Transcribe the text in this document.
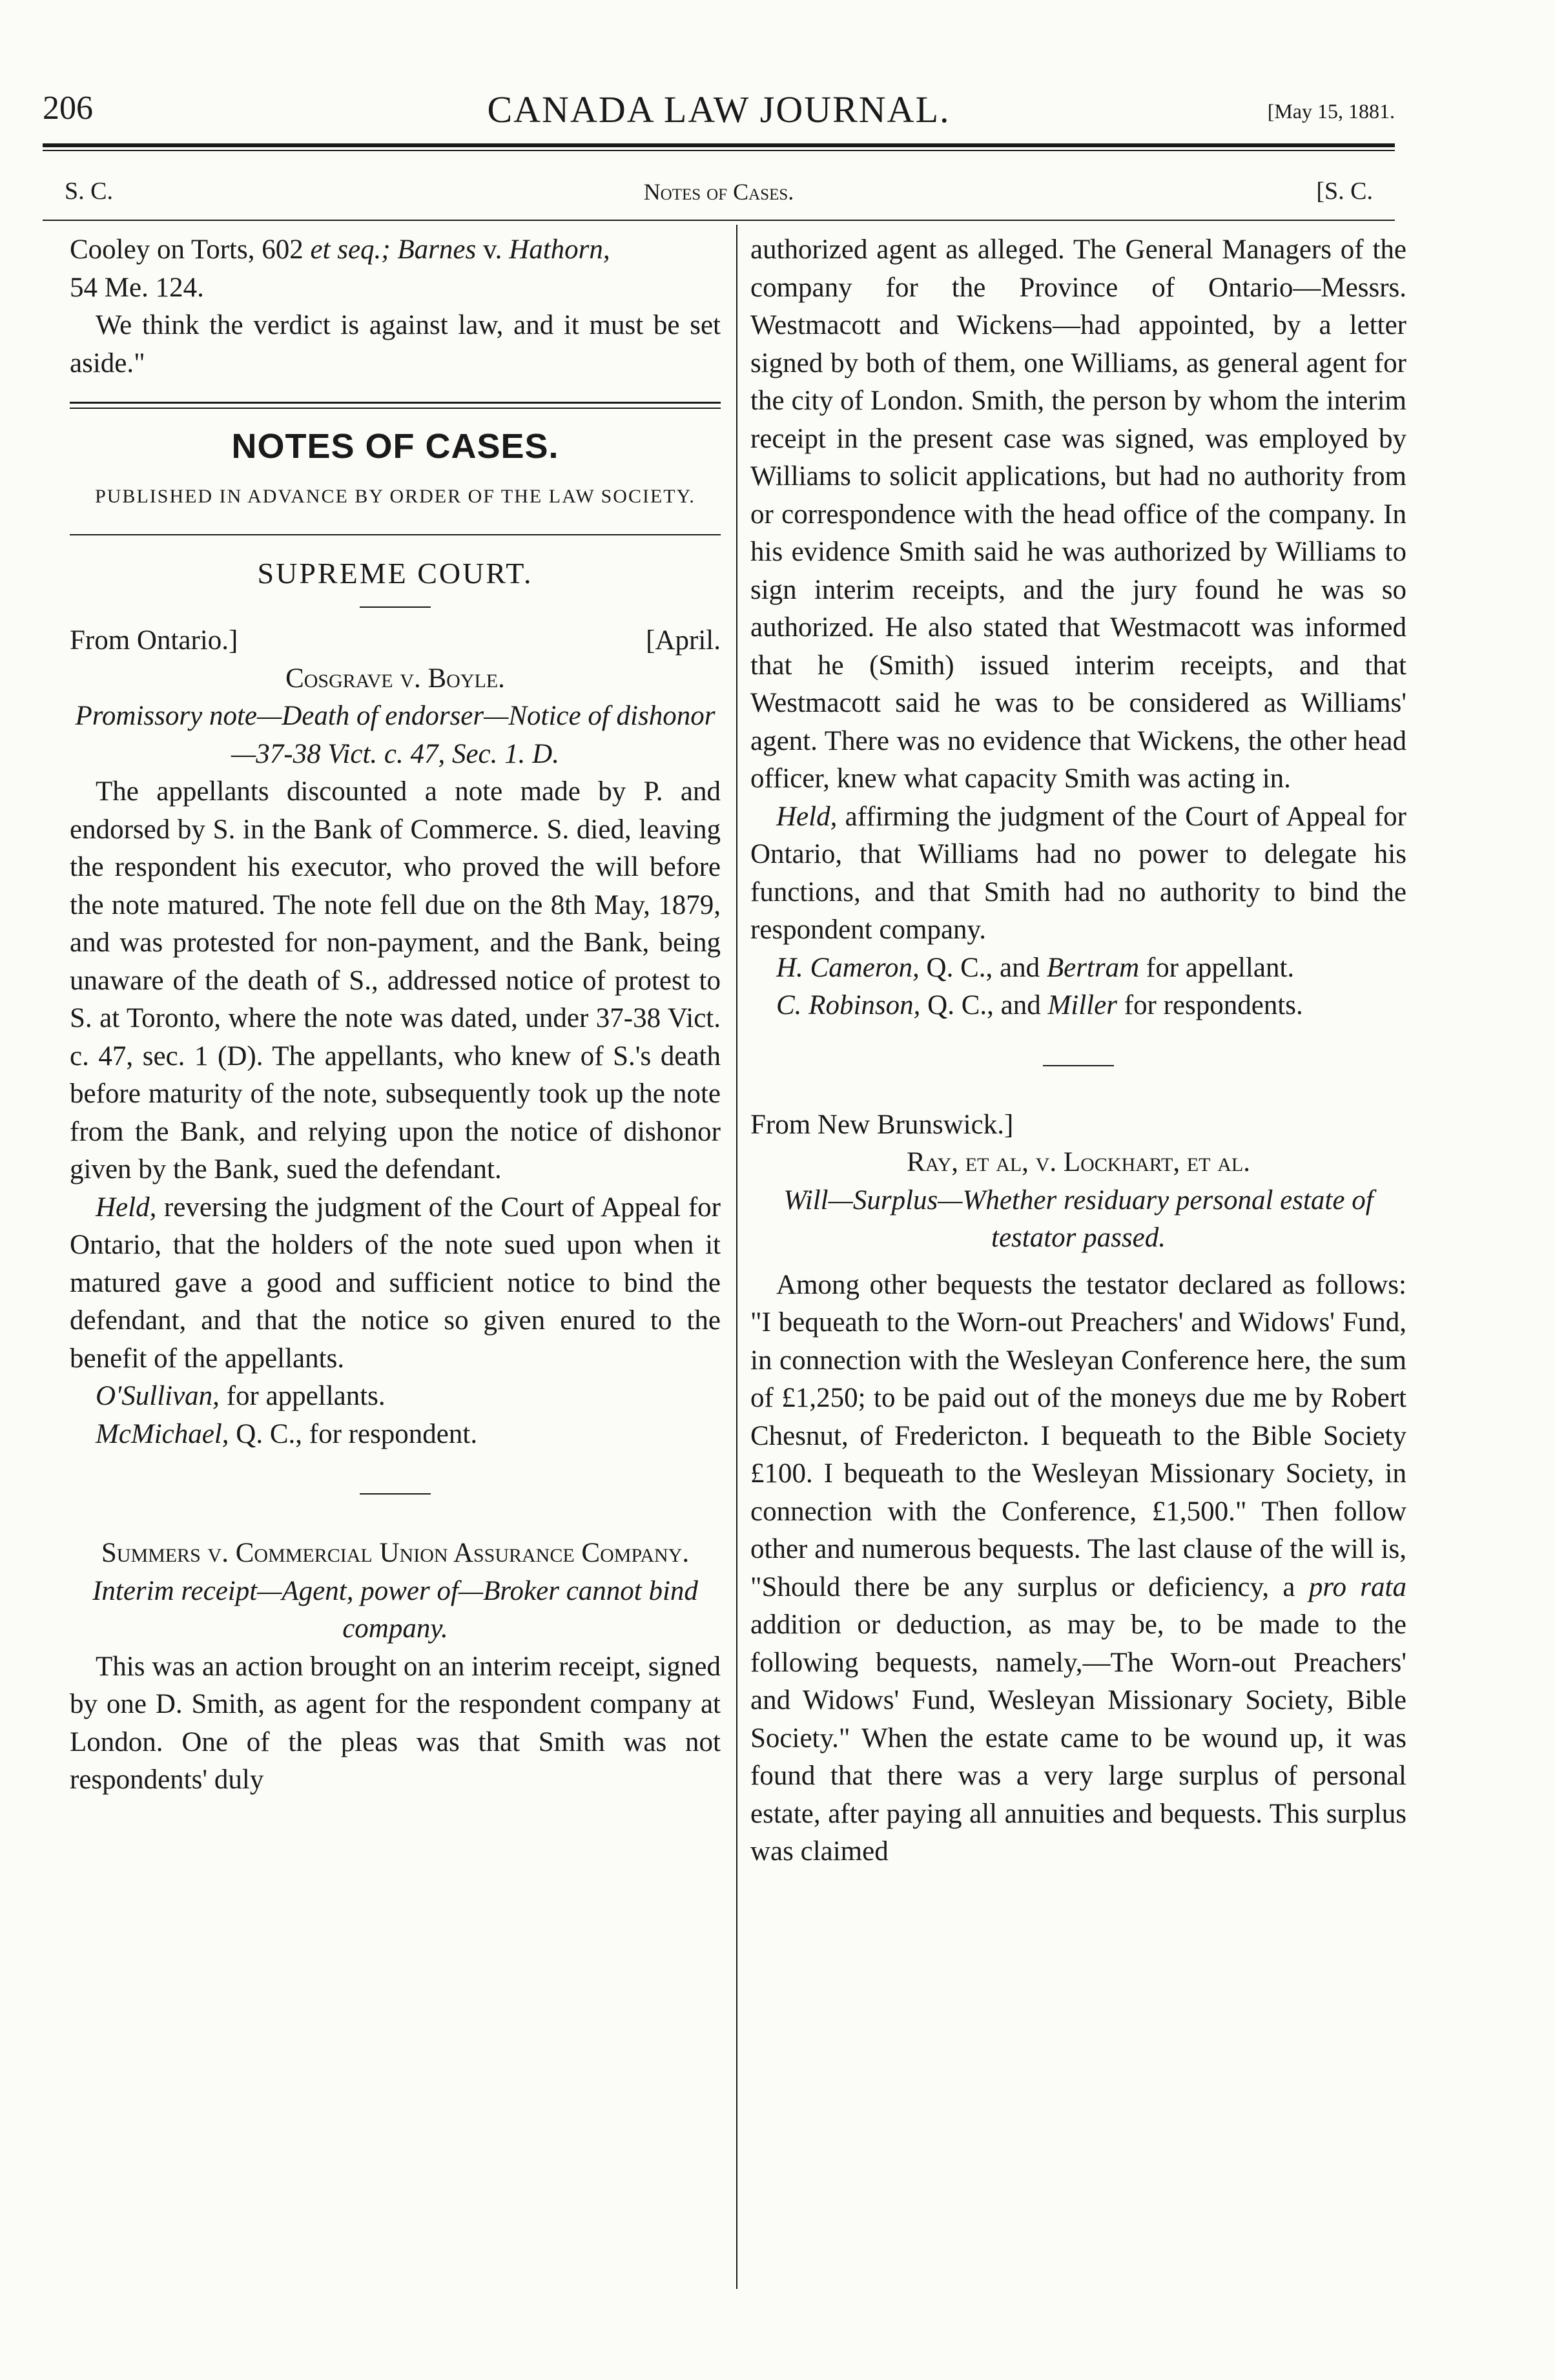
206	CANADA LAW JOURNAL.	[May 15, 1881.
S. C.	Notes of Cases.	[S. C.

Cooley on Torts, 602 et seq.; Barnes v. Hathorn,

54 Me. 124.

We think the verdict is against law, and it must be set aside."

NOTES OF CASES.
PUBLISHED IN ADVANCE BY ORDER OF THE LAW SOCIETY.
SUPREME COURT.
From Ontario.]	[April.
Cosgrave v. Boyle.
Promissory note—Death of endorser—Notice of dishonor—37-38 Vict. c. 47, Sec. 1. D.

The appellants discounted a note made by P. and endorsed by S. in the Bank of Commerce. S. died, leaving the respondent his executor, who proved the will before the note matured. The note fell due on the 8th May, 1879, and was protested for non-payment, and the Bank, being unaware of the death of S., addressed notice of protest to S. at Toronto, where the note was dated, under 37-38 Vict. c. 47, sec. 1 (D). The appellants, who knew of S.'s death before maturity of the note, subsequently took up the note from the Bank, and relying upon the notice of dishonor given by the Bank, sued the defendant.

Held, reversing the judgment of the Court of Appeal for Ontario, that the holders of the note sued upon when it matured gave a good and sufficient notice to bind the defendant, and that the notice so given enured to the benefit of the appellants.

O'Sullivan, for appellants.

McMichael, Q. C., for respondent.

Summers v. Commercial Union Assurance Company.
Interim receipt—Agent, power of—Broker cannot bind company.

This was an action brought on an interim receipt, signed by one D. Smith, as agent for the respondent company at London. One of the pleas was that Smith was not respondents' duly

authorized agent as alleged. The General Managers of the company for the Province of Ontario—Messrs. Westmacott and Wickens—had appointed, by a letter signed by both of them, one Williams, as general agent for the city of London. Smith, the person by whom the interim receipt in the present case was signed, was employed by Williams to solicit applications, but had no authority from or correspondence with the head office of the company. In his evidence Smith said he was authorized by Williams to sign interim receipts, and the jury found he was so authorized. He also stated that Westmacott was informed that he (Smith) issued interim receipts, and that Westmacott said he was to be considered as Williams' agent. There was no evidence that Wickens, the other head officer, knew what capacity Smith was acting in.

Held, affirming the judgment of the Court of Appeal for Ontario, that Williams had no power to delegate his functions, and that Smith had no authority to bind the respondent company.

H. Cameron, Q. C., and Bertram for appellant.

C. Robinson, Q. C., and Miller for respondents.

From New Brunswick.]

Ray, et al, v. Lockhart, et al.
Will—Surplus—Whether residuary personal estate of testator passed.

Among other bequests the testator declared as follows: "I bequeath to the Worn-out Preachers' and Widows' Fund, in connection with the Wesleyan Conference here, the sum of £1,250; to be paid out of the moneys due me by Robert Chesnut, of Fredericton. I bequeath to the Bible Society £100. I bequeath to the Wesleyan Missionary Society, in connection with the Conference, £1,500." Then follow other and numerous bequests. The last clause of the will is, "Should there be any surplus or deficiency, a pro rata addition or deduction, as may be, to be made to the following bequests, namely,—The Worn-out Preachers' and Widows' Fund, Wesleyan Missionary Society, Bible Society." When the estate came to be wound up, it was found that there was a very large surplus of personal estate, after paying all annuities and bequests. This surplus was claimed
